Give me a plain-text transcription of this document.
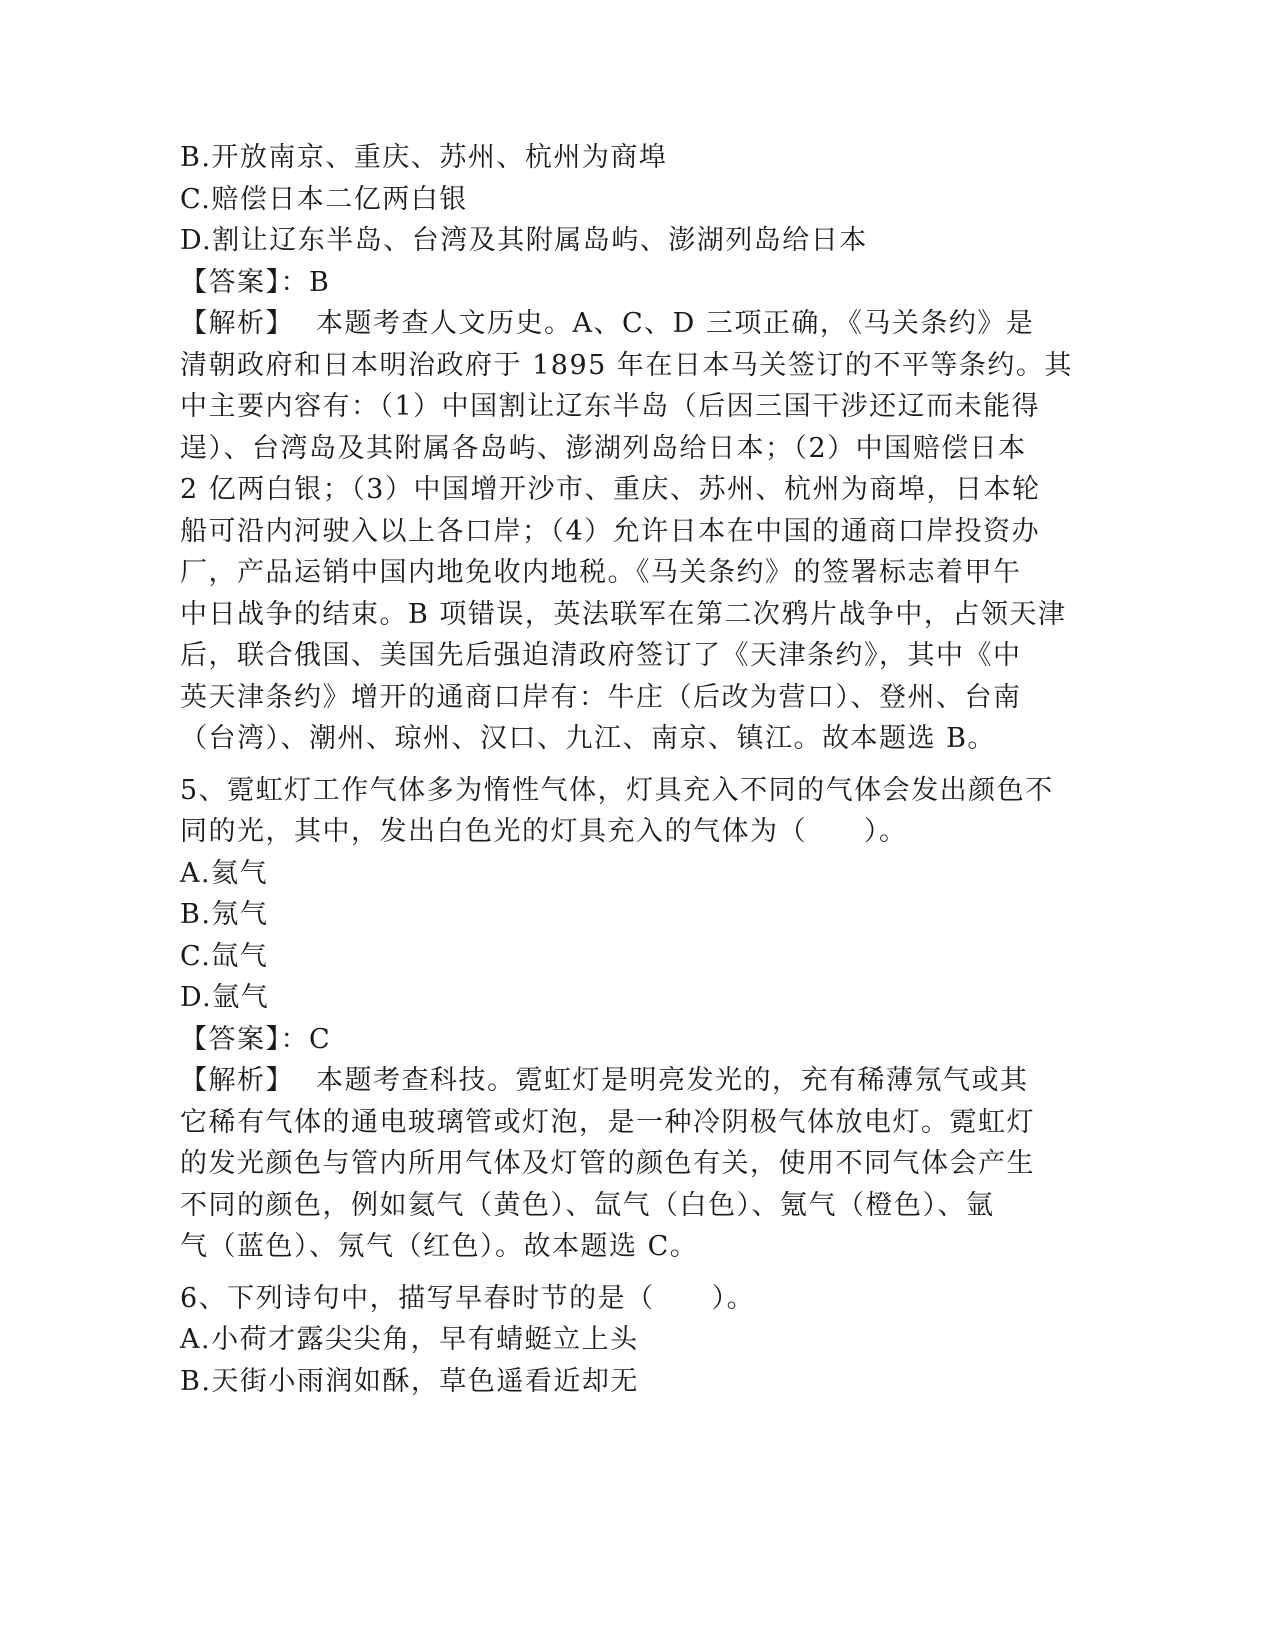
B.开放南京、重庆、苏州、杭州为商埠
C.赔偿日本二亿两白银
D.割让辽东半岛、台湾及其附属岛屿、澎湖列岛给日本
【答案】：B
【解析】 本题考查人文历史。A、C、D 三项正确，《马关条约》是
清朝政府和日本明治政府于 1895 年在日本马关签订的不平等条约。其
中主要内容有：（1）中国割让辽东半岛（后因三国干涉还辽而未能得
逞）、台湾岛及其附属各岛屿、澎湖列岛给日本；（2）中国赔偿日本
2 亿两白银；（3）中国增开沙市、重庆、苏州、杭州为商埠，日本轮
船可沿内河驶入以上各口岸；（4）允许日本在中国的通商口岸投资办
厂，产品运销中国内地免收内地税。《马关条约》的签署标志着甲午
中日战争的结束。B 项错误，英法联军在第二次鸦片战争中，占领天津
后，联合俄国、美国先后强迫清政府签订了《天津条约》，其中《中
英天津条约》增开的通商口岸有：牛庄（后改为营口）、登州、台南
（台湾）、潮州、琼州、汉口、九江、南京、镇江。故本题选 B。
5、霓虹灯工作气体多为惰性气体，灯具充入不同的气体会发出颜色不
同的光，其中，发出白色光的灯具充入的气体为（　　）。
A.氦气
B.氖气
C.氙气
D.氩气
【答案】：C
【解析】 本题考查科技。霓虹灯是明亮发光的，充有稀薄氖气或其
它稀有气体的通电玻璃管或灯泡，是一种冷阴极气体放电灯。霓虹灯
的发光颜色与管内所用气体及灯管的颜色有关，使用不同气体会产生
不同的颜色，例如氦气（黄色）、氙气（白色）、氪气（橙色）、氩
气（蓝色）、氖气（红色）。故本题选 C。
6、下列诗句中，描写早春时节的是（　　）。
A.小荷才露尖尖角，早有蜻蜓立上头
B.天街小雨润如酥，草色遥看近却无
